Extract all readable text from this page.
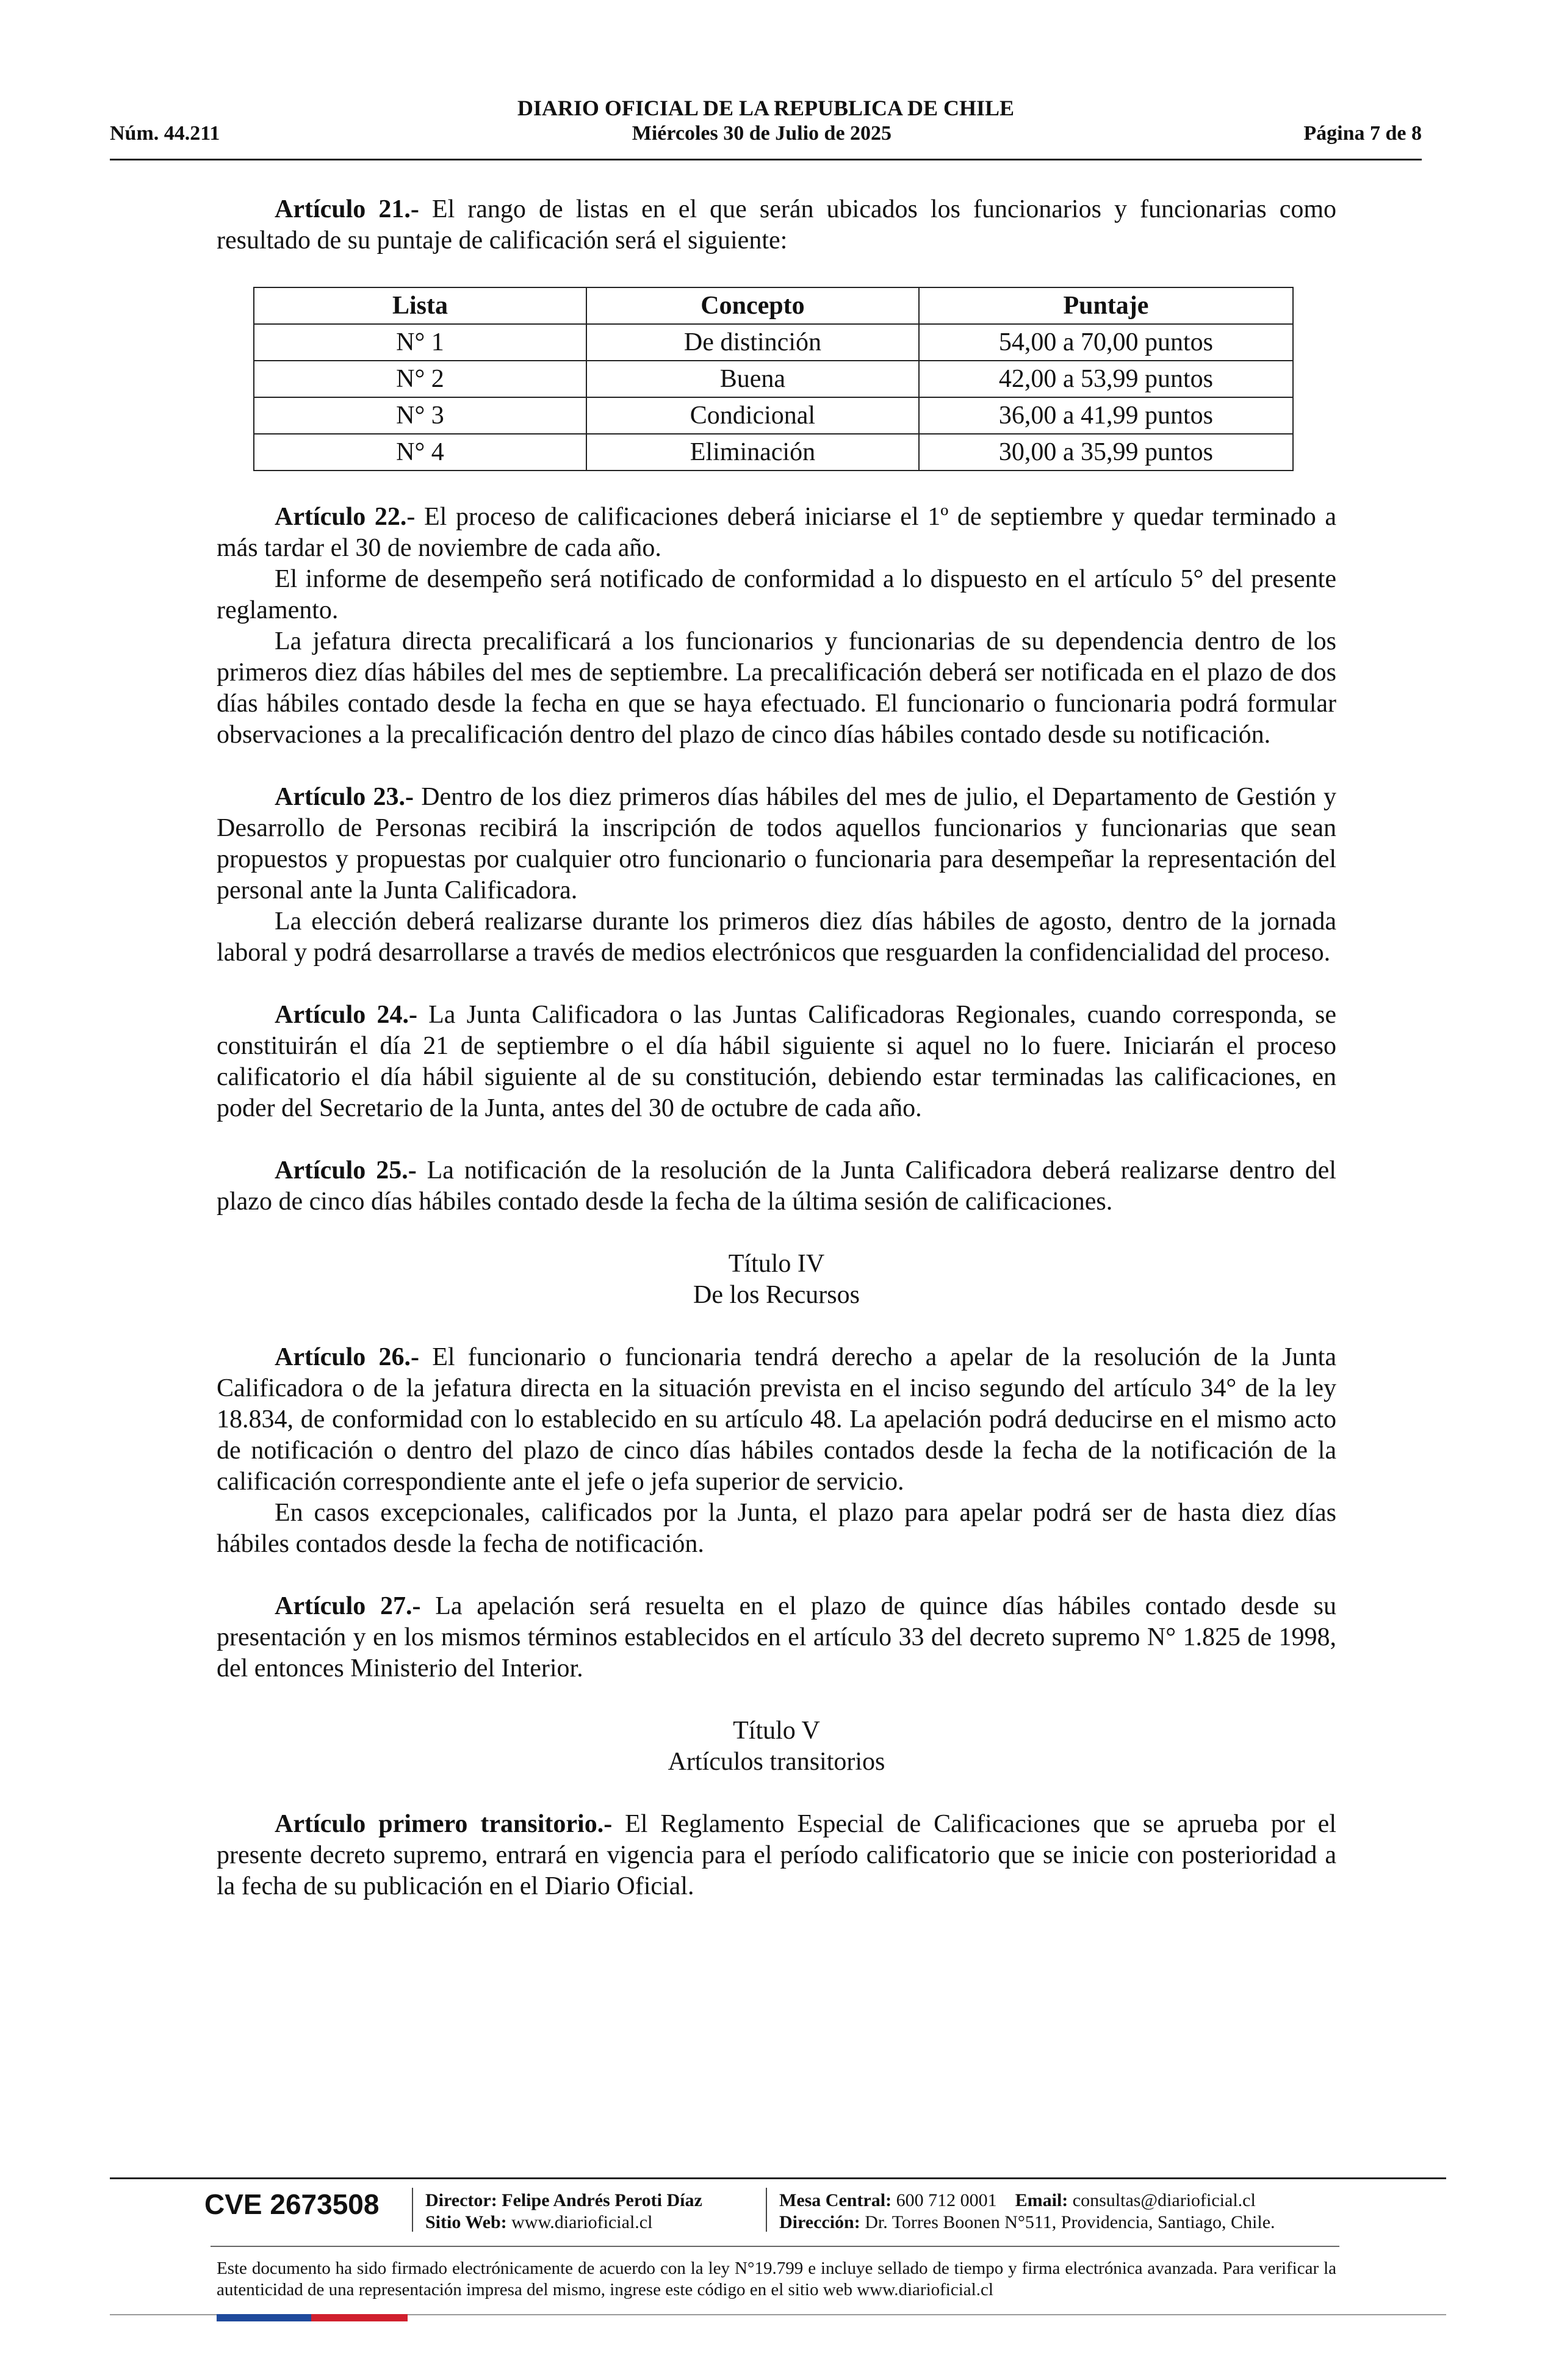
DIARIO OFICIAL DE LA REPUBLICA DE CHILE
Núm. 44.211	Miércoles 30 de Julio de 2025	Página 7 de 8

Artículo 21.- El rango de listas en el que serán ubicados los funcionarios y funcionarias como resultado de su puntaje de calificación será el siguiente:

Lista	Concepto	Puntaje
N° 1	De distinción	54,00 a 70,00 puntos
N° 2	Buena	42,00 a 53,99 puntos
N° 3	Condicional	36,00 a 41,99 puntos
N° 4	Eliminación	30,00 a 35,99 puntos

Artículo 22.- El proceso de calificaciones deberá iniciarse el 1º de septiembre y quedar terminado a más tardar el 30 de noviembre de cada año.

El informe de desempeño será notificado de conformidad a lo dispuesto en el artículo 5° del presente reglamento.

La jefatura directa precalificará a los funcionarios y funcionarias de su dependencia dentro de los primeros diez días hábiles del mes de septiembre. La precalificación deberá ser notificada en el plazo de dos días hábiles contado desde la fecha en que se haya efectuado. El funcionario o funcionaria podrá formular observaciones a la precalificación dentro del plazo de cinco días hábiles contado desde su notificación.

Artículo 23.- Dentro de los diez primeros días hábiles del mes de julio, el Departamento de Gestión y Desarrollo de Personas recibirá la inscripción de todos aquellos funcionarios y funcionarias que sean propuestos y propuestas por cualquier otro funcionario o funcionaria para desempeñar la representación del personal ante la Junta Calificadora.

La elección deberá realizarse durante los primeros diez días hábiles de agosto, dentro de la jornada laboral y podrá desarrollarse a través de medios electrónicos que resguarden la confidencialidad del proceso.

Artículo 24.- La Junta Calificadora o las Juntas Calificadoras Regionales, cuando corresponda, se constituirán el día 21 de septiembre o el día hábil siguiente si aquel no lo fuere. Iniciarán el proceso calificatorio el día hábil siguiente al de su constitución, debiendo estar terminadas las calificaciones, en poder del Secretario de la Junta, antes del 30 de octubre de cada año.

Artículo 25.- La notificación de la resolución de la Junta Calificadora deberá realizarse dentro del plazo de cinco días hábiles contado desde la fecha de la última sesión de calificaciones.

Título IV

De los Recursos

Artículo 26.- El funcionario o funcionaria tendrá derecho a apelar de la resolución de la Junta Calificadora o de la jefatura directa en la situación prevista en el inciso segundo del artículo 34° de la ley 18.834, de conformidad con lo establecido en su artículo 48. La apelación podrá deducirse en el mismo acto de notificación o dentro del plazo de cinco días hábiles contados desde la fecha de la notificación de la calificación correspondiente ante el jefe o jefa superior de servicio.

En casos excepcionales, calificados por la Junta, el plazo para apelar podrá ser de hasta diez días hábiles contados desde la fecha de notificación.

Artículo 27.- La apelación será resuelta en el plazo de quince días hábiles contado desde su presentación y en los mismos términos establecidos en el artículo 33 del decreto supremo N° 1.825 de 1998, del entonces Ministerio del Interior.

Título V

Artículos transitorios

Artículo primero transitorio.- El Reglamento Especial de Calificaciones que se aprueba por el presente decreto supremo, entrará en vigencia para el período calificatorio que se inicie con posterioridad a la fecha de su publicación en el Diario Oficial.

CVE 2673508	Director: Felipe Andrés Peroti Díaz
Sitio Web: www.diarioficial.cl
Mesa Central: 600 712 0001 Email: consultas@diarioficial.cl
Dirección: Dr. Torres Boonen N°511, Providencia, Santiago, Chile.
Este documento ha sido firmado electrónicamente de acuerdo con la ley N°19.799 e incluye sellado de tiempo y firma electrónica avanzada. Para verificar la autenticidad de una representación impresa del mismo, ingrese este código en el sitio web www.diarioficial.cl
